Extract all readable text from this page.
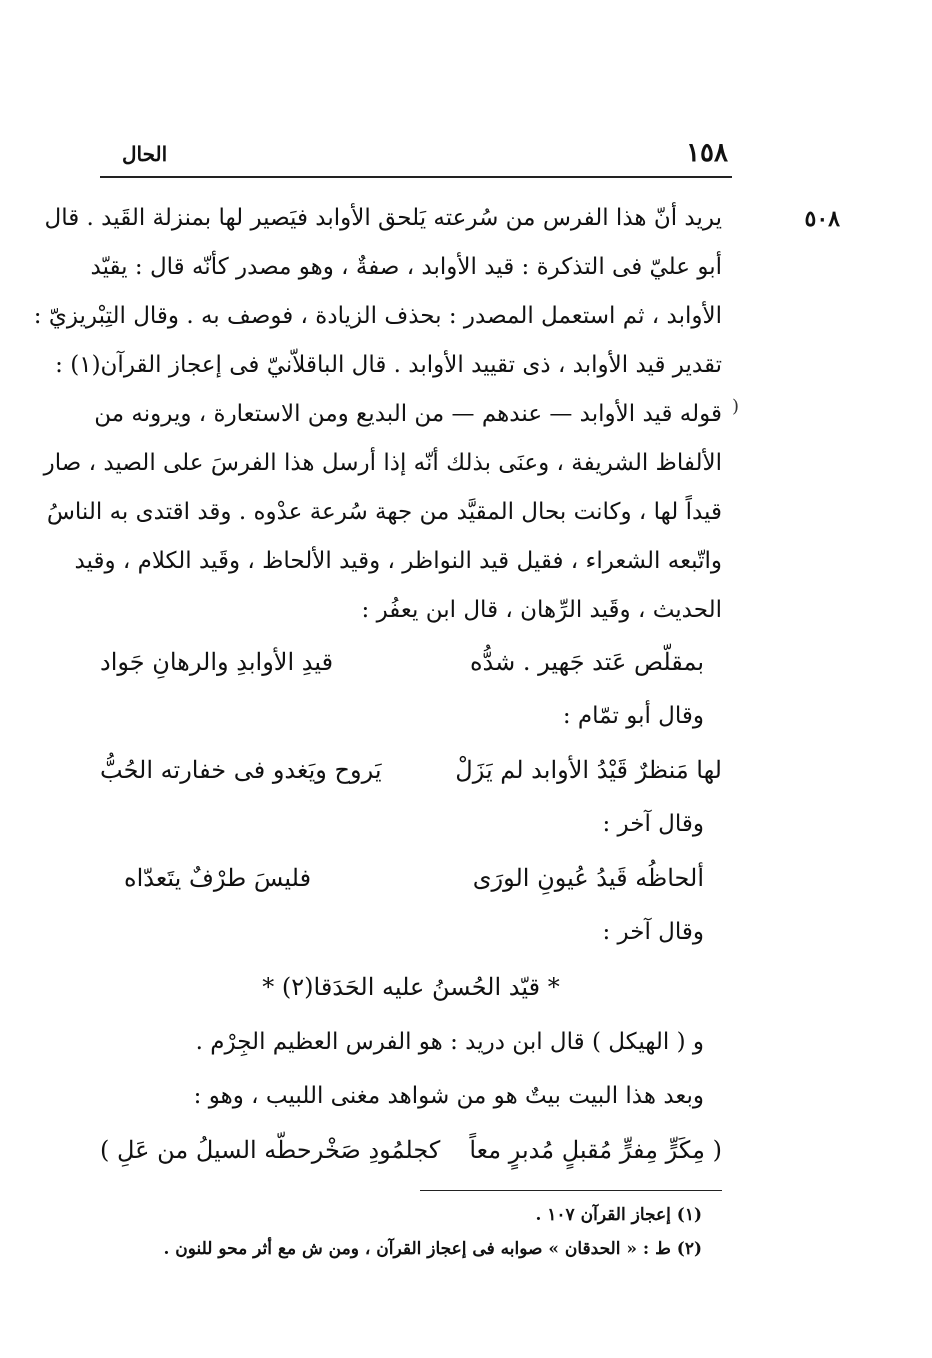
١٥٨
الحال
٥٠٨
)
يريد أنّ هذا الفرس من سُرعته يَلحق الأوابد فيَصير لها بمنزلة القَيد . قال
أبو عليّ فى التذكرة : قيد الأوابد ، صفةٌ ، وهو مصدر كأنّه قال : يقيّد
الأوابد ، ثم استعمل المصدر : بحذف الزيادة ، فوصف به . وقال التِبْريزيّ :
تقدير قيد الأوابد ، ذى تقييد الأوابد . قال الباقلاّنيّ فى إعجاز القرآن(١) :
قوله قيد الأوابد — عندهم — من البديع ومن الاستعارة ، ويرونه من
الألفاظ الشريفة ، وعنَى بذلك أنّه إذا أرسل هذا الفرسَ على الصيد ، صار
قيداً لها ، وكانت بحال المقيَّد من جهة سُرعة عدْوه . وقد اقتدى به الناسُ
واتّبعه الشعراء ، فقيل قيد النواظر ، وقيد الألحاظ ، وقَيد الكلام ، وقيد
الحديث ، وقَيد الرِّهان ، قال ابن يعفُر :
بمقلّص عَتد جَهير . شدُّه
قيدِ الأوابدِ والرهانِ جَواد
وقال أبو تمّام :
لها مَنظرٌ قَيْدُ الأوابد لم يَزَلْ
يَروح ويَغدو فى خفارته الحُبُّ
وقال آخر :
ألحاظُه قَيدُ عُيونِ الورَى
فليسَ طرْفٌ يتَعدّاه
وقال آخر :
* قيّد الحُسنُ عليه الحَدَقا(٢) *
و ( الهيكل ) قال ابن دريد : هو الفرس العظيم الجِرْم .
وبعد هذا البيت بيتٌ هو من شواهد مغنى اللبيب ، وهو :
( مِكَرٍّ مِفرٍّ مُقبلٍ مُدبرٍ معاً
كجلمُودِ صَخْرحطّه السيلُ من عَلِ )
(١) إعجاز القرآن ١٠٧ .
(٢) ط : « الحدقان » صوابه فى إعجاز القرآن ، ومن ش مع أثر محو للنون .
